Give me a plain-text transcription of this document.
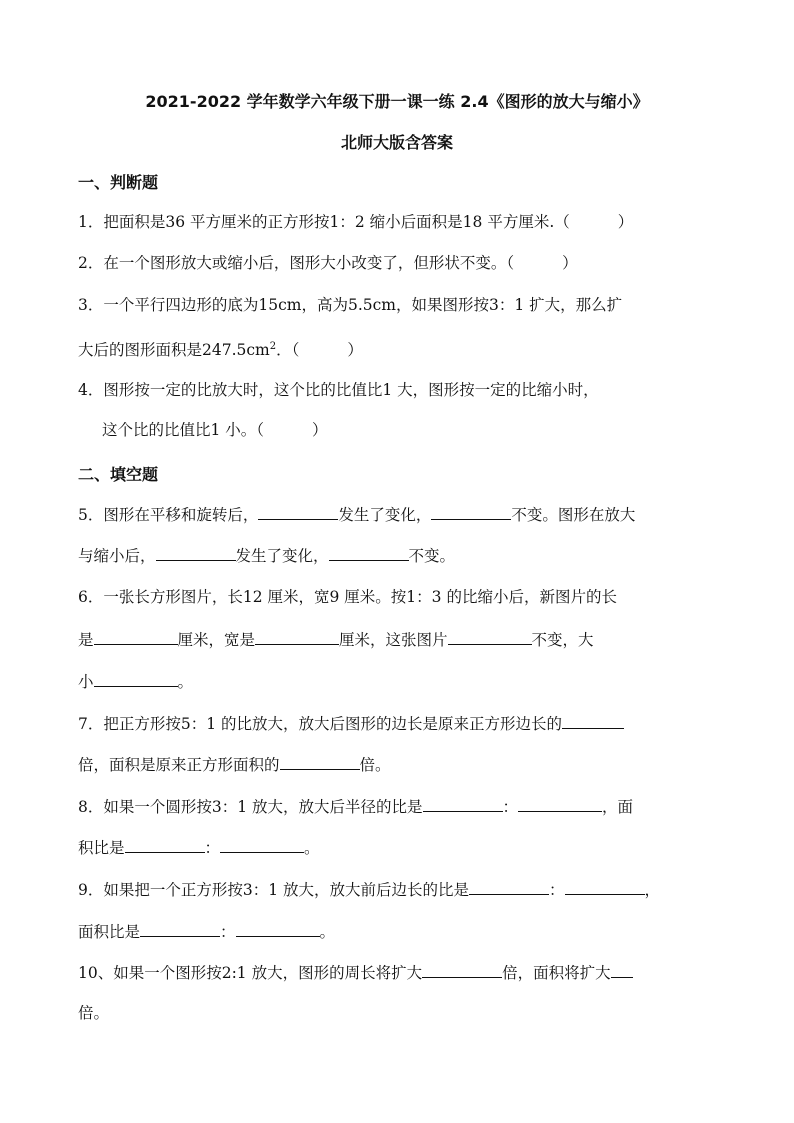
2021-2022 学年数学六年级下册一课一练 2.4《图形的放大与缩小》
北师大版含答案
一、判断题
1．把面积是36 平方厘米的正方形按1：2 缩小后面积是18 平方厘米.（	）
2．在一个图形放大或缩小后，图形大小改变了，但形状不变。（	）
3．一个平行四边形的底为15cm，高为5.5cm，如果图形按3：1 扩大，那么扩
大后的图形面积是$247.5cm^2$．（	）
4．图形按一定的比放大时，这个比的比值比1 大，图形按一定的比缩小时，
这个比的比值比1 小。（	）
二、填空题
5．图形在平移和旋转后，	发生了变化，	不变。图形在放大
与缩小后，	发生了变化，	不变。
6．一张长方形图片，长12 厘米，宽9 厘米。按1：3 的比缩小后，新图片的长
是	厘米，宽是	厘米，这张图片	不变，大
小	。
7．把正方形按5：1 的比放大，放大后图形的边长是原来正方形边长的
倍，面积是原来正方形面积的	倍。
8．如果一个圆形按3：1 放大，放大后半径的比是	：	，面
积比是	：	。
9．如果把一个正方形按3：1 放大，放大前后边长的比是	：	，
面积比是	：	。
10、如果一个图形按2:1 放大，图形的周长将扩大	倍，面积将扩大
倍。
